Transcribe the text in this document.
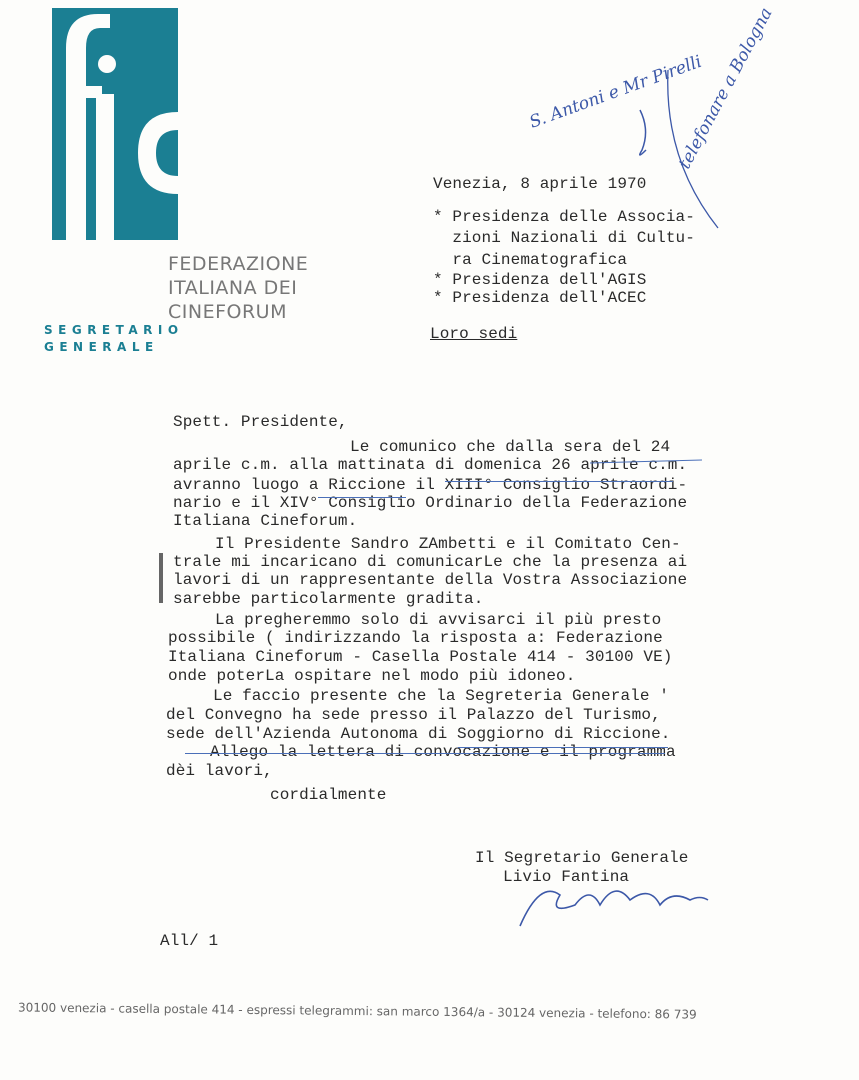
FEDERAZIONE
ITALIANA DEI
CINEFORUM
SEGRETARIO
GENERALE
S. Antoni e Mr Pirelli
telefonare a Bologna
Venezia, 8 aprile 1970
* Presidenza delle Associa-
zioni Nazionali di Cultu-
ra Cinematografica
* Presidenza dell'AGIS
* Presidenza dell'ACEC
Loro sedi
Spett. Presidente,
Le comunico che dalla sera del 24
aprile c.m. alla mattinata di domenica 26 aprile c.m.
avranno luogo a Riccione il XIII° Consiglio Straordi-
nario e il XIV° Consiglio Ordinario della Federazione
Italiana Cineforum.
Il Presidente Sandro ZAmbetti e il Comitato Cen-
trale mi incaricano di comunicarLe che la presenza ai
lavori di un rappresentante della Vostra Associazione
sarebbe particolarmente gradita.
La pregheremmo solo di avvisarci il più presto
possibile ( indirizzando la risposta a: Federazione
Italiana Cineforum - Casella Postale 414 - 30100 VE)
onde poterLa ospitare nel modo più idoneo.
Le faccio presente che la Segreteria Generale '
del Convegno ha sede presso il Palazzo del Turismo,
sede dell'Azienda Autonoma di Soggiorno di Riccione.
Allego la lettera di convocazione e il programma
dèi lavori,
cordialmente
Il Segretario Generale
Livio Fantina
All/ 1
30100 venezia - casella postale 414 - espressi telegrammi: san marco 1364/a - 30124 venezia - telefono: 86 739
